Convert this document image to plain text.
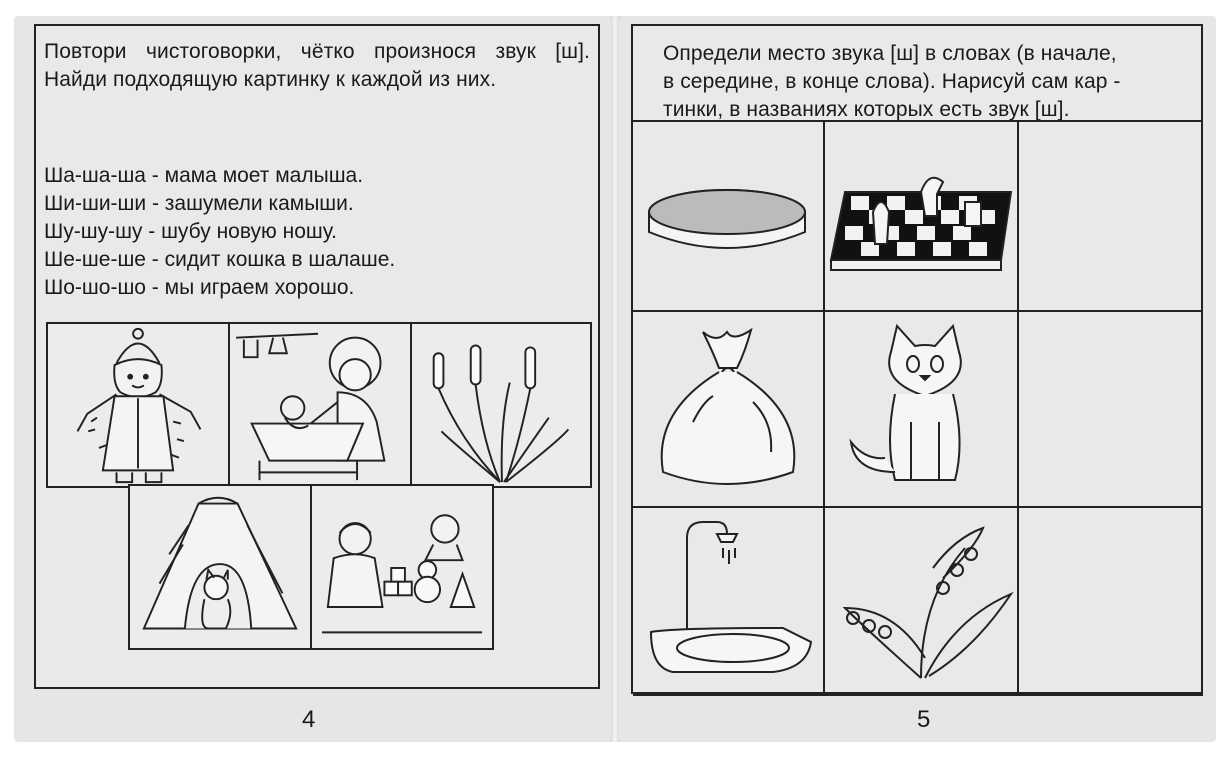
Повтори чистоговорки, чётко произнося звук [ш]. Найди подходящую картинку к каждой из них.
Ша-ша-ша - мама моет малыша.
Ши-ши-ши - зашумели камыши.
Шу-шу-шу - шубу новую ношу.
Ше-ше-ше - сидит кошка в шалаше.
Шо-шо-шо - мы играем хорошо.
4
Определи место звука [ш] в словах (в начале,
в середине, в конце слова). Нарисуй сам кар -
тинки, в названиях которых есть звук [ш].
5
